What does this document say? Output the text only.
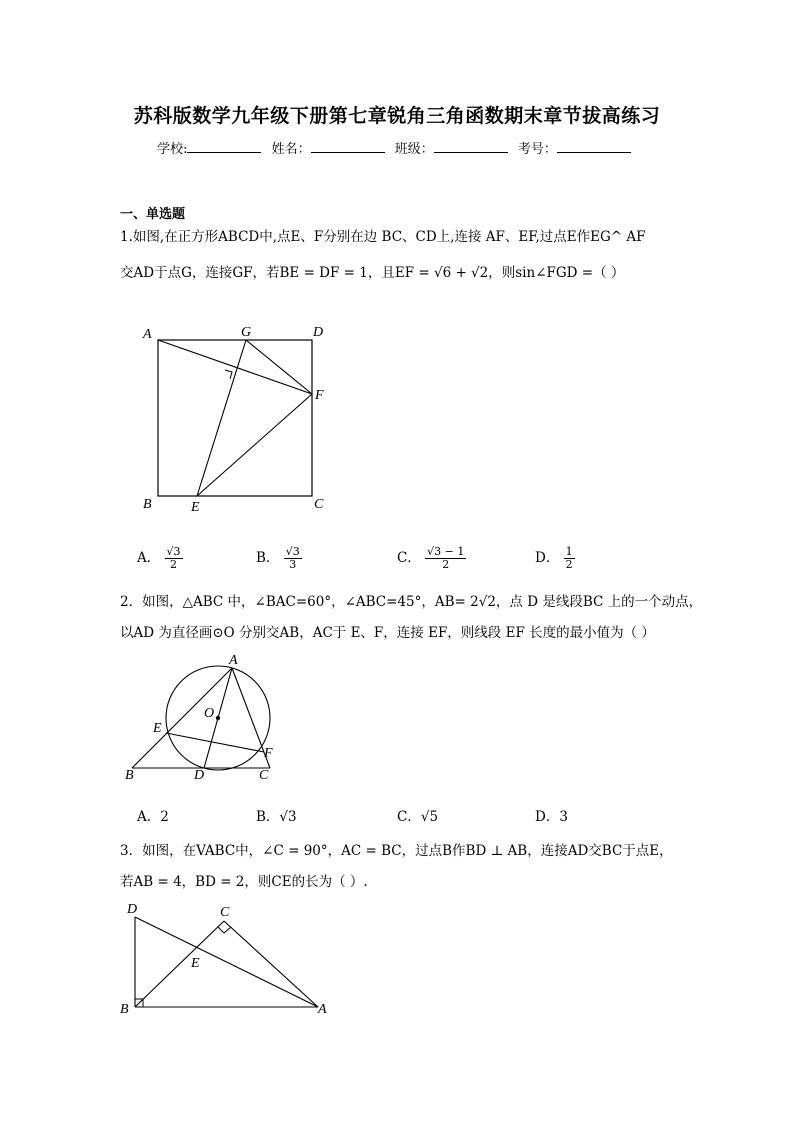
苏科版数学九年级下册第七章锐角三角函数期末章节拔高练习
学校:	姓名：	班级：	考号：
一、单选题
1.如图,在正方形ABCD中,点E、F分别在边 BC、CD上,连接 AF、EF,过点E作EG^ AF
交AD于点G，连接GF，若BE = DF = 1，且EF = √6 + √2，则sin∠FGD =（ ）
A	G	D
F
B	E	C
A． $\frac{√3}{2}$	B． $\frac{√3}{3}$	C． $\frac{√3 - 1}{2}$	D． $\frac{1}{2}$
2．如图，△ABC 中，∠BAC=60°，∠ABC=45°，AB= 2√2，点 D 是线段BC 上的一个动点，
以AD 为直径画⊙O 分别交AB，AC于 E、F，连接 EF，则线段 EF 长度的最小值为（ ）
A
O
E
F
B	D	C
A．2	B．√3	C．√5	D．3
3．如图，在VABC中，∠C = 90°，AC = BC，过点B作BD ⊥ AB，连接AD交BC于点E，
若AB = 4，BD = 2，则CE的长为（ ）.
D	C
E
B	A
